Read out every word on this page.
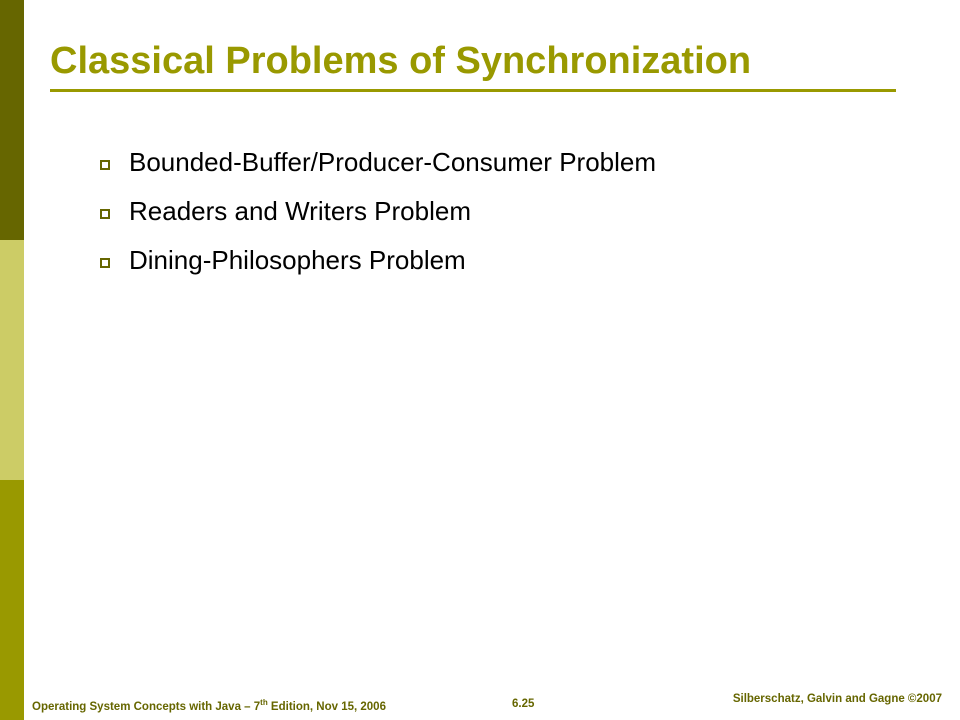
Classical Problems of Synchronization
Bounded-Buffer/Producer-Consumer Problem
Readers and Writers Problem
Dining-Philosophers Problem
Operating System Concepts with Java – 7th Edition, Nov 15, 2006	6.25	Silberschatz, Galvin and Gagne ©2007
